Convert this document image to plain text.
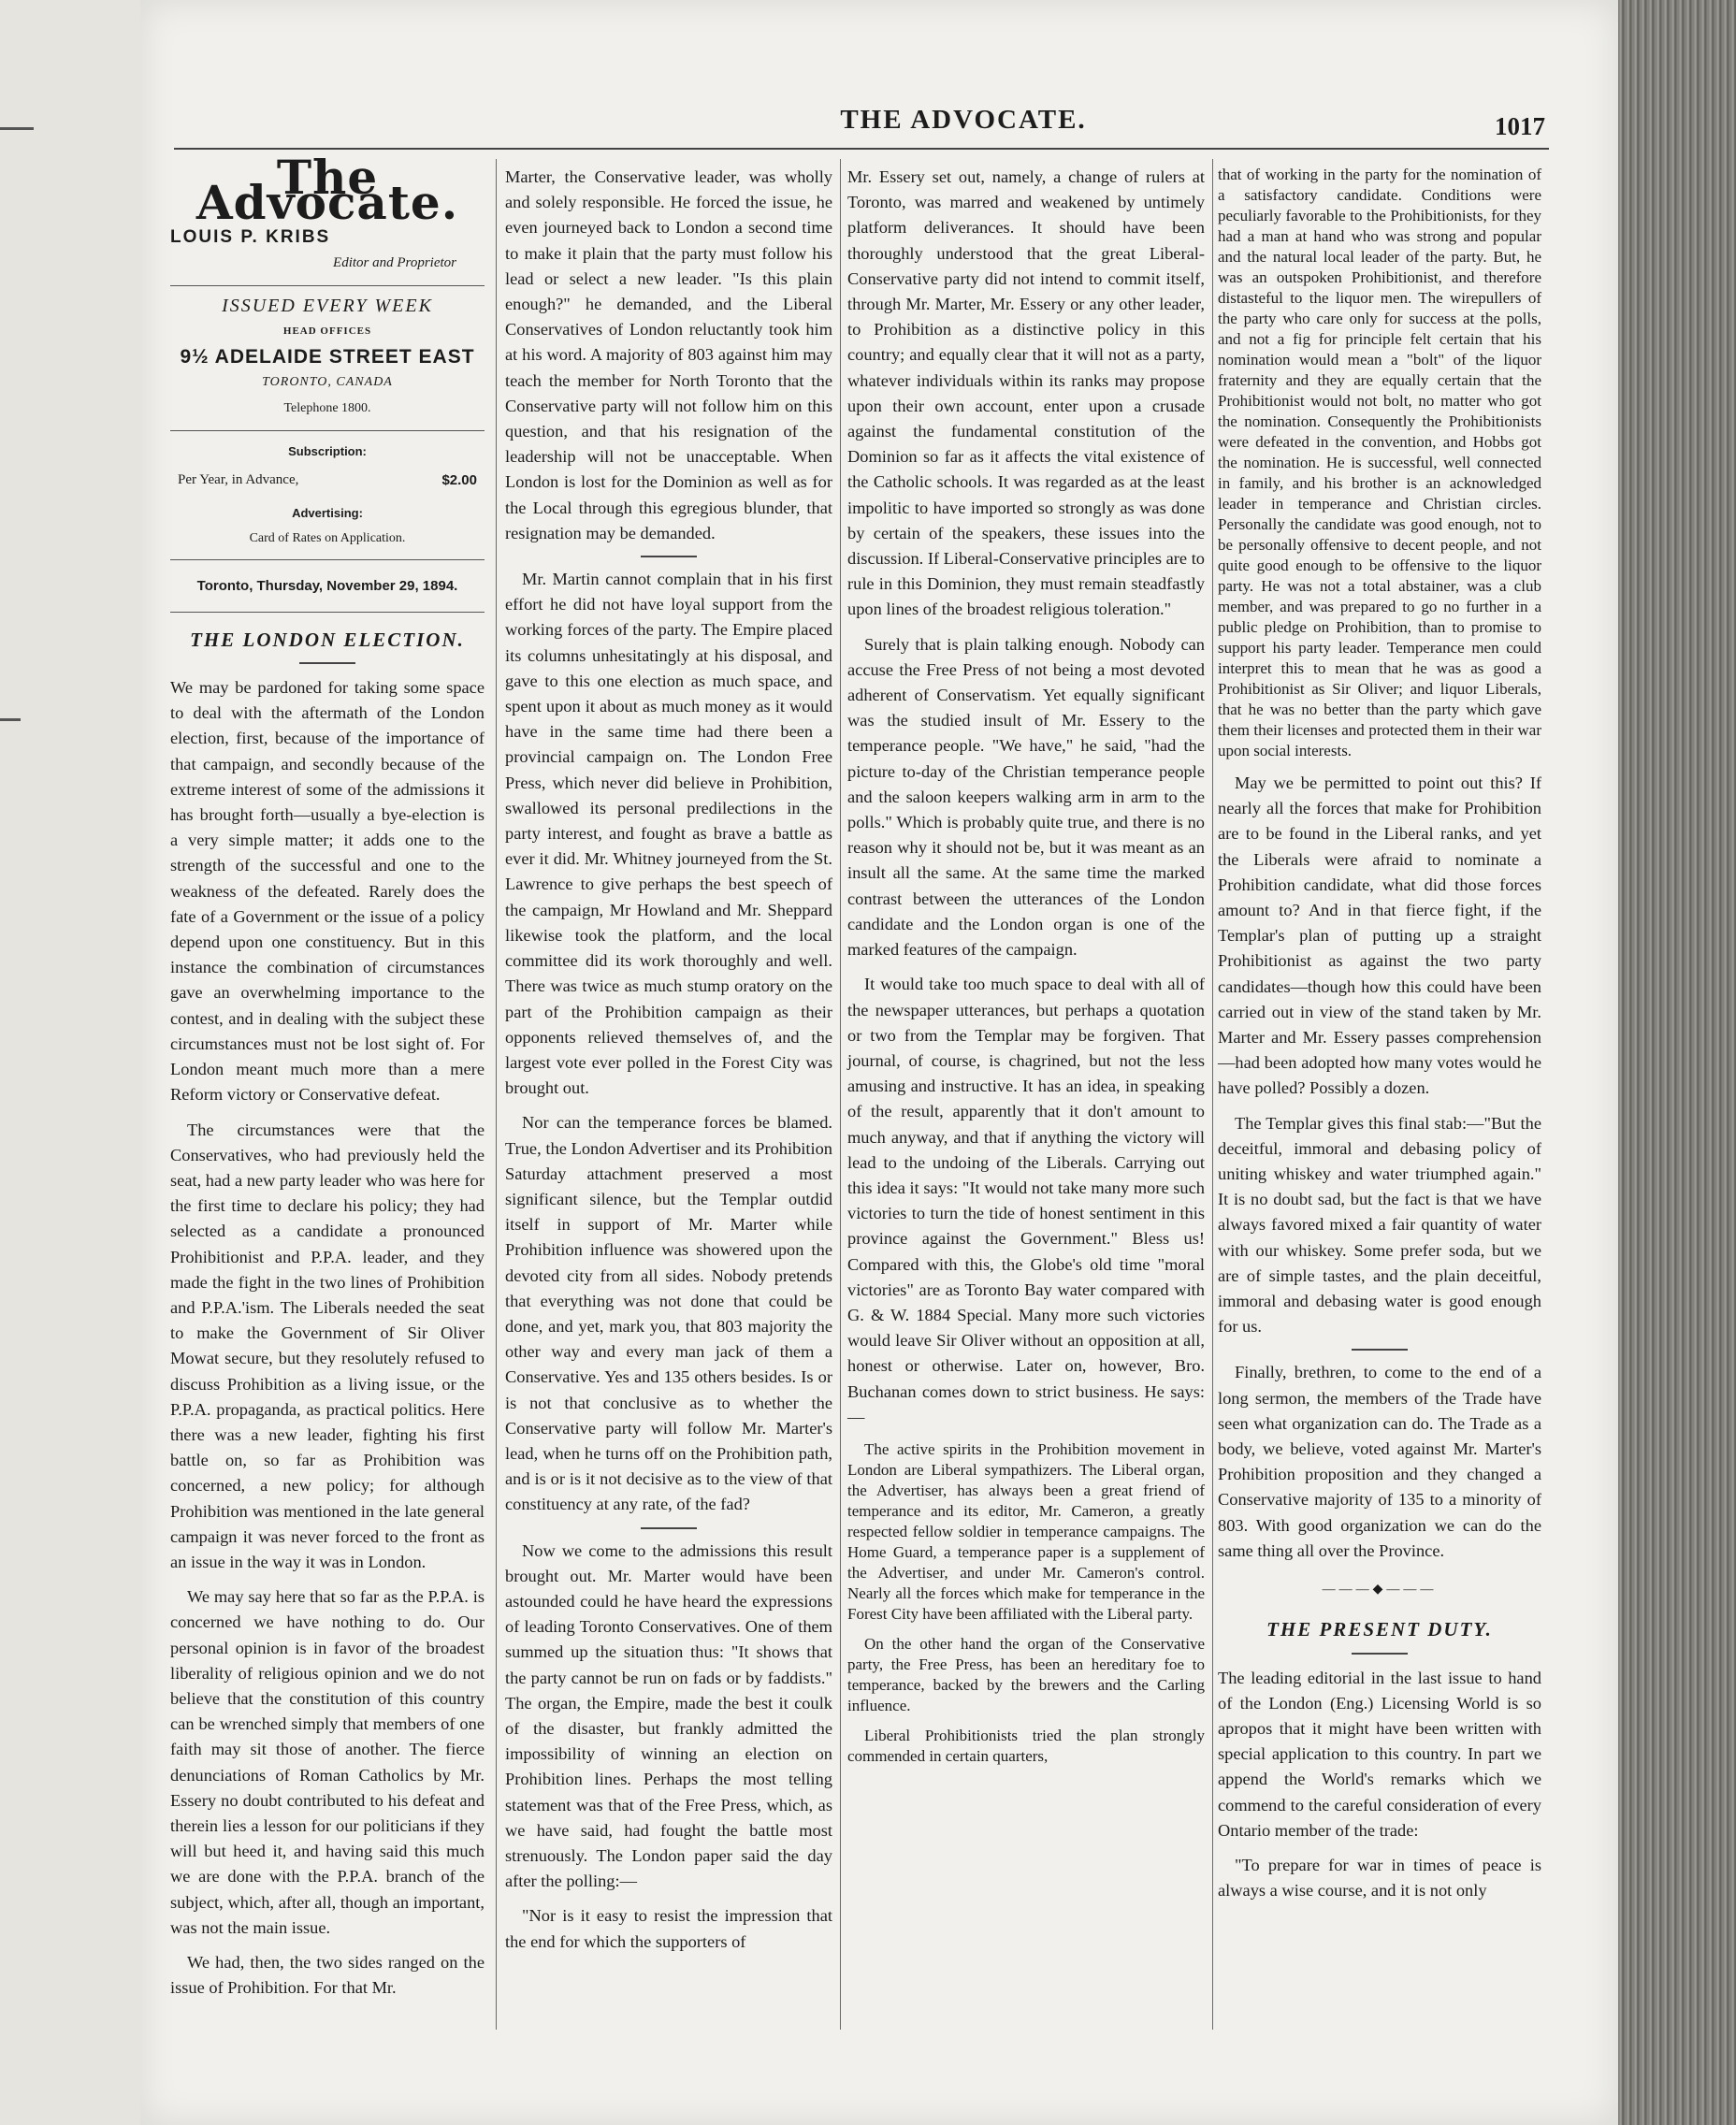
THE ADVOCATE.	1017
The Advocate.
LOUIS P. KRIBS
Editor and Proprietor
ISSUED EVERY WEEK
HEAD OFFICES
9½ ADELAIDE STREET EAST
TORONTO, CANADA
Telephone 1800.
Subscription:
Per Year, in Advance,	$2.00
Advertising:
Card of Rates on Application.
Toronto, Thursday, November 29, 1894.
THE LONDON ELECTION.

We may be pardoned for taking some space to deal with the aftermath of the London election, first, because of the importance of that campaign, and secondly because of the extreme interest of some of the admissions it has brought forth—usually a bye-election is a very simple matter; it adds one to the strength of the successful and one to the weakness of the defeated. Rarely does the fate of a Government or the issue of a policy depend upon one constituency. But in this instance the combination of circumstances gave an overwhelming importance to the contest, and in dealing with the subject these circumstances must not be lost sight of. For London meant much more than a mere Reform victory or Conservative defeat.

The circumstances were that the Conservatives, who had previously held the seat, had a new party leader who was here for the first time to declare his policy; they had selected as a candidate a pronounced Prohibitionist and P.P.A. leader, and they made the fight in the two lines of Prohibition and P.P.A.'ism. The Liberals needed the seat to make the Government of Sir Oliver Mowat secure, but they resolutely refused to discuss Prohibition as a living issue, or the P.P.A. propaganda, as practical politics. Here there was a new leader, fighting his first battle on, so far as Prohibition was concerned, a new policy; for although Prohibition was mentioned in the late general campaign it was never forced to the front as an issue in the way it was in London.

We may say here that so far as the P.P.A. is concerned we have nothing to do. Our personal opinion is in favor of the broadest liberality of religious opinion and we do not believe that the constitution of this country can be wrenched simply that members of one faith may sit those of another. The fierce denunciations of Roman Catholics by Mr. Essery no doubt contributed to his defeat and therein lies a lesson for our politicians if they will but heed it, and having said this much we are done with the P.P.A. branch of the subject, which, after all, though an important, was not the main issue.

We had, then, the two sides ranged on the issue of Prohibition. For that Mr.

Marter, the Conservative leader, was wholly and solely responsible. He forced the issue, he even journeyed back to London a second time to make it plain that the party must follow his lead or select a new leader. "Is this plain enough?" he demanded, and the Liberal Conservatives of London reluctantly took him at his word. A majority of 803 against him may teach the member for North Toronto that the Conservative party will not follow him on this question, and that his resignation of the leadership will not be unacceptable. When London is lost for the Dominion as well as for the Local through this egregious blunder, that resignation may be demanded.

Mr. Martin cannot complain that in his first effort he did not have loyal support from the working forces of the party. The Empire placed its columns unhesitatingly at his disposal, and gave to this one election as much space, and spent upon it about as much money as it would have in the same time had there been a provincial campaign on. The London Free Press, which never did believe in Prohibition, swallowed its personal predilections in the party interest, and fought as brave a battle as ever it did. Mr. Whitney journeyed from the St. Lawrence to give perhaps the best speech of the campaign, Mr Howland and Mr. Sheppard likewise took the platform, and the local committee did its work thoroughly and well. There was twice as much stump oratory on the part of the Prohibition campaign as their opponents relieved themselves of, and the largest vote ever polled in the Forest City was brought out.

Nor can the temperance forces be blamed. True, the London Advertiser and its Prohibition Saturday attachment preserved a most significant silence, but the Templar outdid itself in support of Mr. Marter while Prohibition influence was showered upon the devoted city from all sides. Nobody pretends that everything was not done that could be done, and yet, mark you, that 803 majority the other way and every man jack of them a Conservative. Yes and 135 others besides. Is or is not that conclusive as to whether the Conservative party will follow Mr. Marter's lead, when he turns off on the Prohibition path, and is or is it not decisive as to the view of that constituency at any rate, of the fad?

Now we come to the admissions this result brought out. Mr. Marter would have been astounded could he have heard the expressions of leading Toronto Conservatives. One of them summed up the situation thus: "It shows that the party cannot be run on fads or by faddists." The organ, the Empire, made the best it coulk of the disaster, but frankly admitted the impossibility of winning an election on Prohibition lines. Perhaps the most telling statement was that of the Free Press, which, as we have said, had fought the battle most strenuously. The London paper said the day after the polling:—

"Nor is it easy to resist the impression that the end for which the supporters of

Mr. Essery set out, namely, a change of rulers at Toronto, was marred and weakened by untimely platform deliverances. It should have been thoroughly understood that the great Liberal-Conservative party did not intend to commit itself, through Mr. Marter, Mr. Essery or any other leader, to Prohibition as a distinctive policy in this country; and equally clear that it will not as a party, whatever individuals within its ranks may propose upon their own account, enter upon a crusade against the fundamental constitution of the Dominion so far as it affects the vital existence of the Catholic schools. It was regarded as at the least impolitic to have imported so strongly as was done by certain of the speakers, these issues into the discussion. If Liberal-Conservative principles are to rule in this Dominion, they must remain steadfastly upon lines of the broadest religious toleration."

Surely that is plain talking enough. Nobody can accuse the Free Press of not being a most devoted adherent of Conservatism. Yet equally significant was the studied insult of Mr. Essery to the temperance people. "We have," he said, "had the picture to-day of the Christian temperance people and the saloon keepers walking arm in arm to the polls." Which is probably quite true, and there is no reason why it should not be, but it was meant as an insult all the same. At the same time the marked contrast between the utterances of the London candidate and the London organ is one of the marked features of the campaign.

It would take too much space to deal with all of the newspaper utterances, but perhaps a quotation or two from the Templar may be forgiven. That journal, of course, is chagrined, but not the less amusing and instructive. It has an idea, in speaking of the result, apparently that it don't amount to much anyway, and that if anything the victory will lead to the undoing of the Liberals. Carrying out this idea it says: "It would not take many more such victories to turn the tide of honest sentiment in this province against the Government." Bless us! Compared with this, the Globe's old time "moral victories" are as Toronto Bay water compared with G. & W. 1884 Special. Many more such victories would leave Sir Oliver without an opposition at all, honest or otherwise. Later on, however, Bro. Buchanan comes down to strict business. He says:—

The active spirits in the Prohibition movement in London are Liberal sympathizers. The Liberal organ, the Advertiser, has always been a great friend of temperance and its editor, Mr. Cameron, a greatly respected fellow soldier in temperance campaigns. The Home Guard, a temperance paper is a supplement of the Advertiser, and under Mr. Cameron's control. Nearly all the forces which make for temperance in the Forest City have been affiliated with the Liberal party.

On the other hand the organ of the Conservative party, the Free Press, has been an hereditary foe to temperance, backed by the brewers and the Carling influence.

Liberal Prohibitionists tried the plan strongly commended in certain quarters,

that of working in the party for the nomination of a satisfactory candidate. Conditions were peculiarly favorable to the Prohibitionists, for they had a man at hand who was strong and popular and the natural local leader of the party. But, he was an outspoken Prohibitionist, and therefore distasteful to the liquor men. The wirepullers of the party who care only for success at the polls, and not a fig for principle felt certain that his nomination would mean a "bolt" of the liquor fraternity and they are equally certain that the Prohibitionist would not bolt, no matter who got the nomination. Consequently the Prohibitionists were defeated in the convention, and Hobbs got the nomination. He is successful, well connected in family, and his brother is an acknowledged leader in temperance and Christian circles. Personally the candidate was good enough, not to be personally offensive to decent people, and not quite good enough to be offensive to the liquor party. He was not a total abstainer, was a club member, and was prepared to go no further in a public pledge on Prohibition, than to promise to support his party leader. Temperance men could interpret this to mean that he was as good a Prohibitionist as Sir Oliver; and liquor Liberals, that he was no better than the party which gave them their licenses and protected them in their war upon social interests.

May we be permitted to point out this? If nearly all the forces that make for Prohibition are to be found in the Liberal ranks, and yet the Liberals were afraid to nominate a Prohibition candidate, what did those forces amount to? And in that fierce fight, if the Templar's plan of putting up a straight Prohibitionist as against the two party candidates—though how this could have been carried out in view of the stand taken by Mr. Marter and Mr. Essery passes comprehension—had been adopted how many votes would he have polled? Possibly a dozen.

The Templar gives this final stab:—"But the deceitful, immoral and debasing policy of uniting whiskey and water triumphed again." It is no doubt sad, but the fact is that we have always favored mixed a fair quantity of water with our whiskey. Some prefer soda, but we are of simple tastes, and the plain deceitful, immoral and debasing water is good enough for us.

Finally, brethren, to come to the end of a long sermon, the members of the Trade have seen what organization can do. The Trade as a body, we believe, voted against Mr. Marter's Prohibition proposition and they changed a Conservative majority of 135 to a minority of 803. With good organization we can do the same thing all over the Province.

———◆———
THE PRESENT DUTY.

The leading editorial in the last issue to hand of the London (Eng.) Licensing World is so apropos that it might have been written with special application to this country. In part we append the World's remarks which we commend to the careful consideration of every Ontario member of the trade:

"To prepare for war in times of peace is always a wise course, and it is not only
